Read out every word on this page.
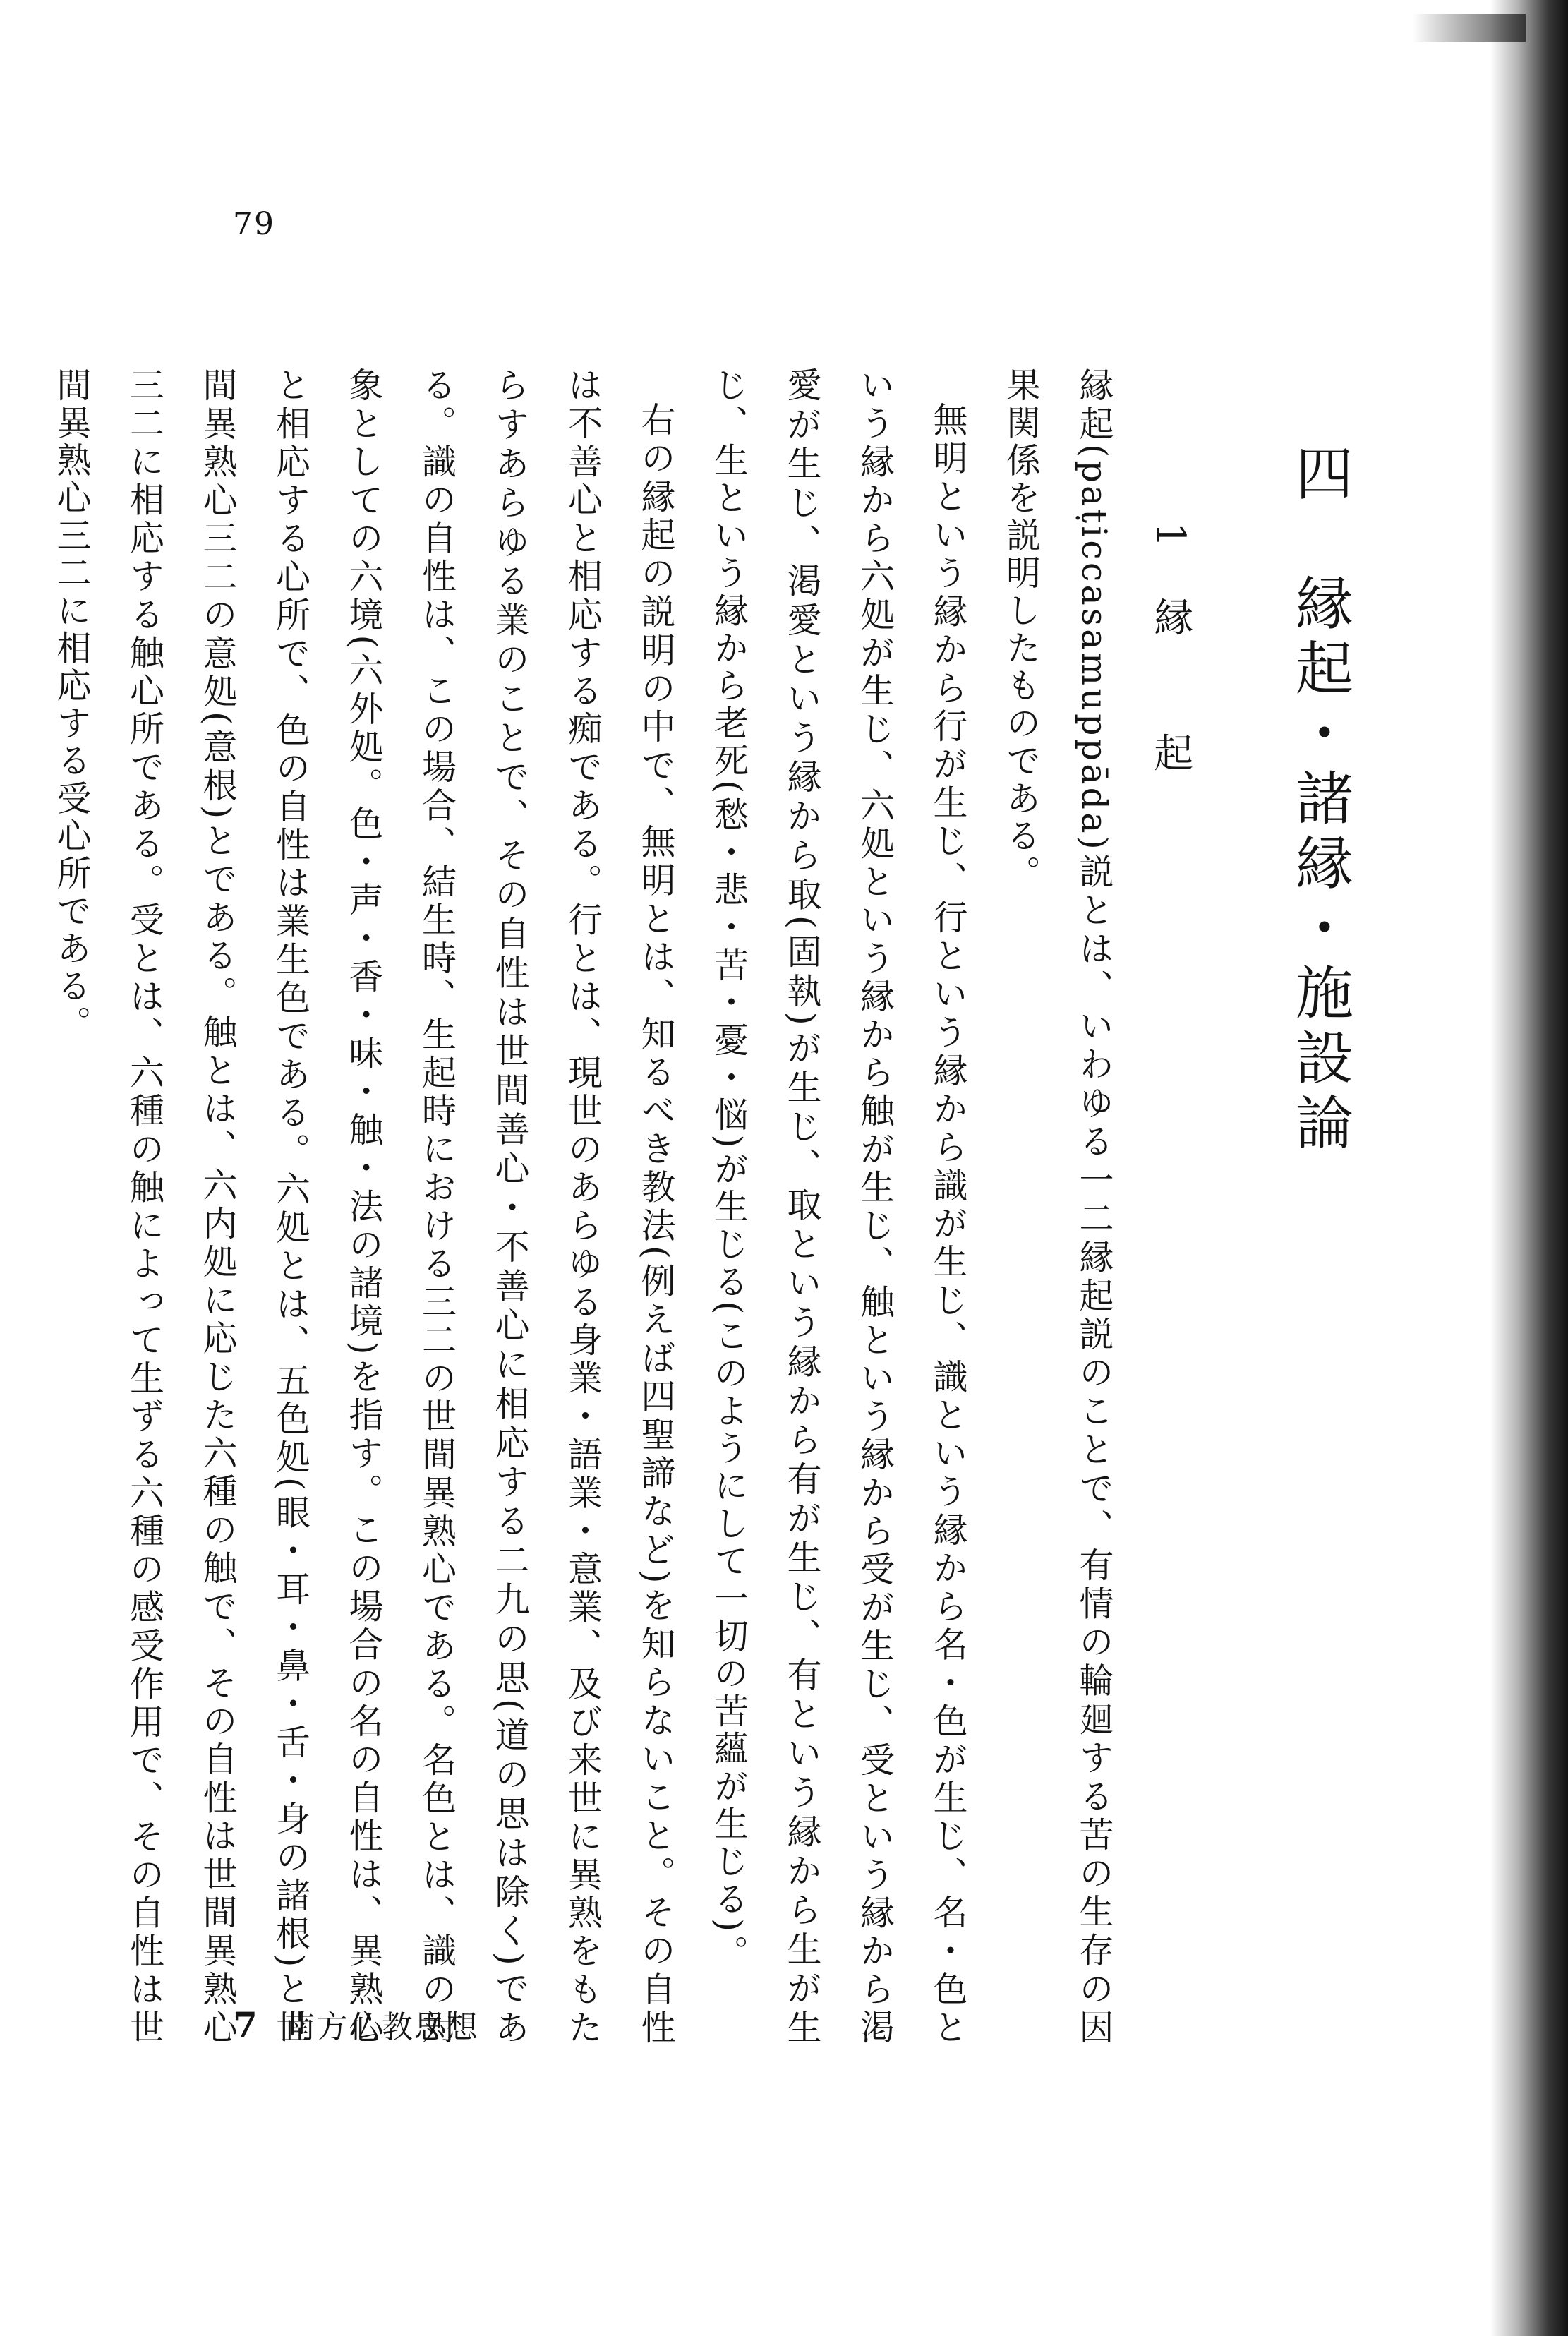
79
四　縁起・諸縁・施設論
1縁　起

縁起(paṭiccasamuppāda)説とは、いわゆる一二縁起説のことで、有情の輪廻する苦の生存の因果関係を説明したものである。

無明という縁から行が生じ、行という縁から識が生じ、識という縁から名・色が生じ、名・色という縁から六処が生じ、六処という縁から触が生じ、触という縁から受が生じ、受という縁から渇愛が生じ、渇愛という縁から取(固執)が生じ、取という縁から有が生じ、有という縁から生が生じ、生という縁から老死(愁・悲・苦・憂・悩)が生じる(このようにして一切の苦蘊が生じる)。

右の縁起の説明の中で、無明とは、知るべき教法(例えば四聖諦など)を知らないこと。その自性は不善心と相応する痴である。行とは、現世のあらゆる身業・語業・意業、及び来世に異熟をもたらすあらゆる業のことで、その自性は世間善心・不善心に相応する二九の思(道の思は除く)である。識の自性は、この場合、結生時、生起時における三二の世間異熟心である。名色とは、識の対象としての六境(六外処。色・声・香・味・触・法の諸境)を指す。この場合の名の自性は、異熟心と相応する心所で、色の自性は業生色である。六処とは、五色処(眼・耳・鼻・舌・身の諸根)と世間異熟心三二の意処(意根)とである。触とは、六内処に応じた六種の触で、その自性は世間異熟心三二に相応する触心所である。受とは、六種の触によって生ずる六種の感受作用で、その自性は世間異熟心三二に相応する受心所である。

7 南方仏教思想
